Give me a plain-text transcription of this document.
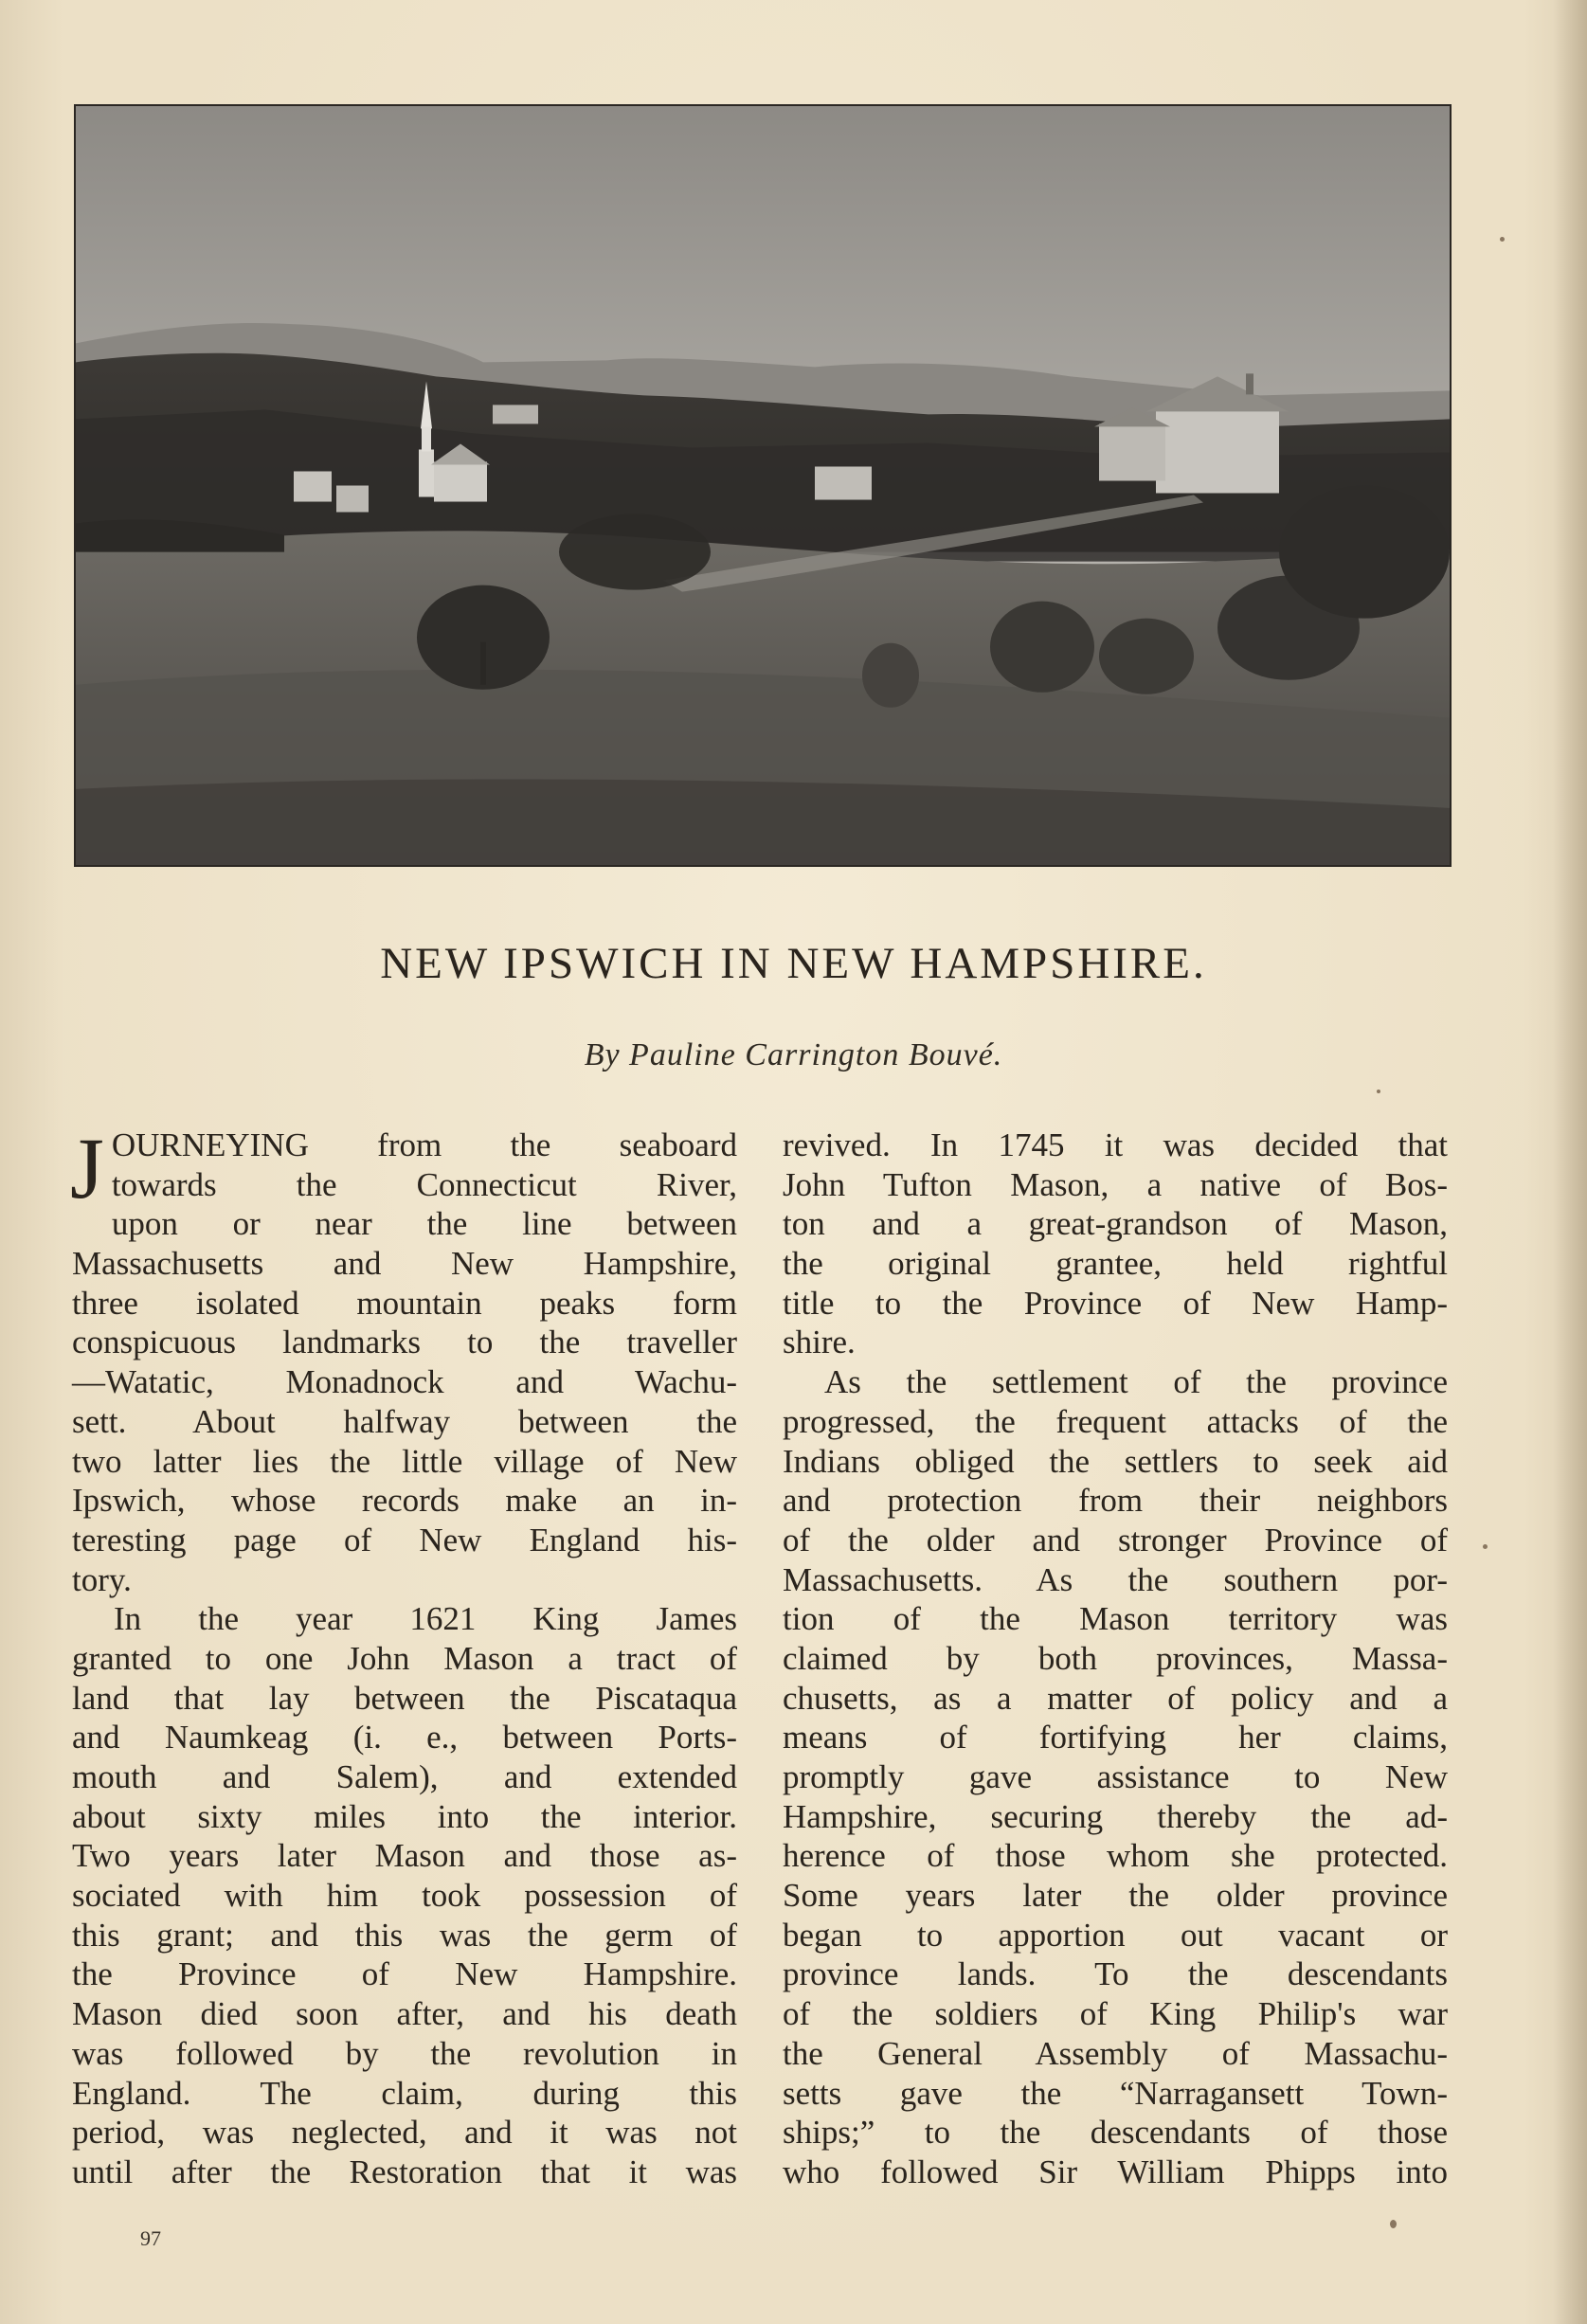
NEW IPSWICH IN NEW HAMPSHIRE.
By Pauline Carrington Bouvé.

J OURNEYING from the seaboard
towards the Connecticut River,
upon or near the line between
Massachusetts and New Hampshire,
three isolated mountain peaks form
conspicuous landmarks to the traveller
—Watatic, Monadnock and Wachu-
sett. About halfway between the
two latter lies the little village of New
Ipswich, whose records make an in-
teresting page of New England his-
tory.

In the year 1621 King James
granted to one John Mason a tract of
land that lay between the Piscataqua
and Naumkeag (i. e., between Ports-
mouth and Salem), and extended
about sixty miles into the interior.
Two years later Mason and those as-
sociated with him took possession of
this grant; and this was the germ of
the Province of New Hampshire.
Mason died soon after, and his death
was followed by the revolution in
England. The claim, during this
period, was neglected, and it was not
until after the Restoration that it was

revived. In 1745 it was decided that
John Tufton Mason, a native of Bos-
ton and a great-grandson of Mason,
the original grantee, held rightful
title to the Province of New Hamp-
shire.

As the settlement of the province
progressed, the frequent attacks of the
Indians obliged the settlers to seek aid
and protection from their neighbors
of the older and stronger Province of
Massachusetts. As the southern por-
tion of the Mason territory was
claimed by both provinces, Massa-
chusetts, as a matter of policy and a
means of fortifying her claims,
promptly gave assistance to New
Hampshire, securing thereby the ad-
herence of those whom she protected.
Some years later the older province
began to apportion out vacant or
province lands. To the descendants
of the soldiers of King Philip's war
the General Assembly of Massachu-
setts gave the “Narragansett Town-
ships;” to the descendants of those
who followed Sir William Phipps into

97
